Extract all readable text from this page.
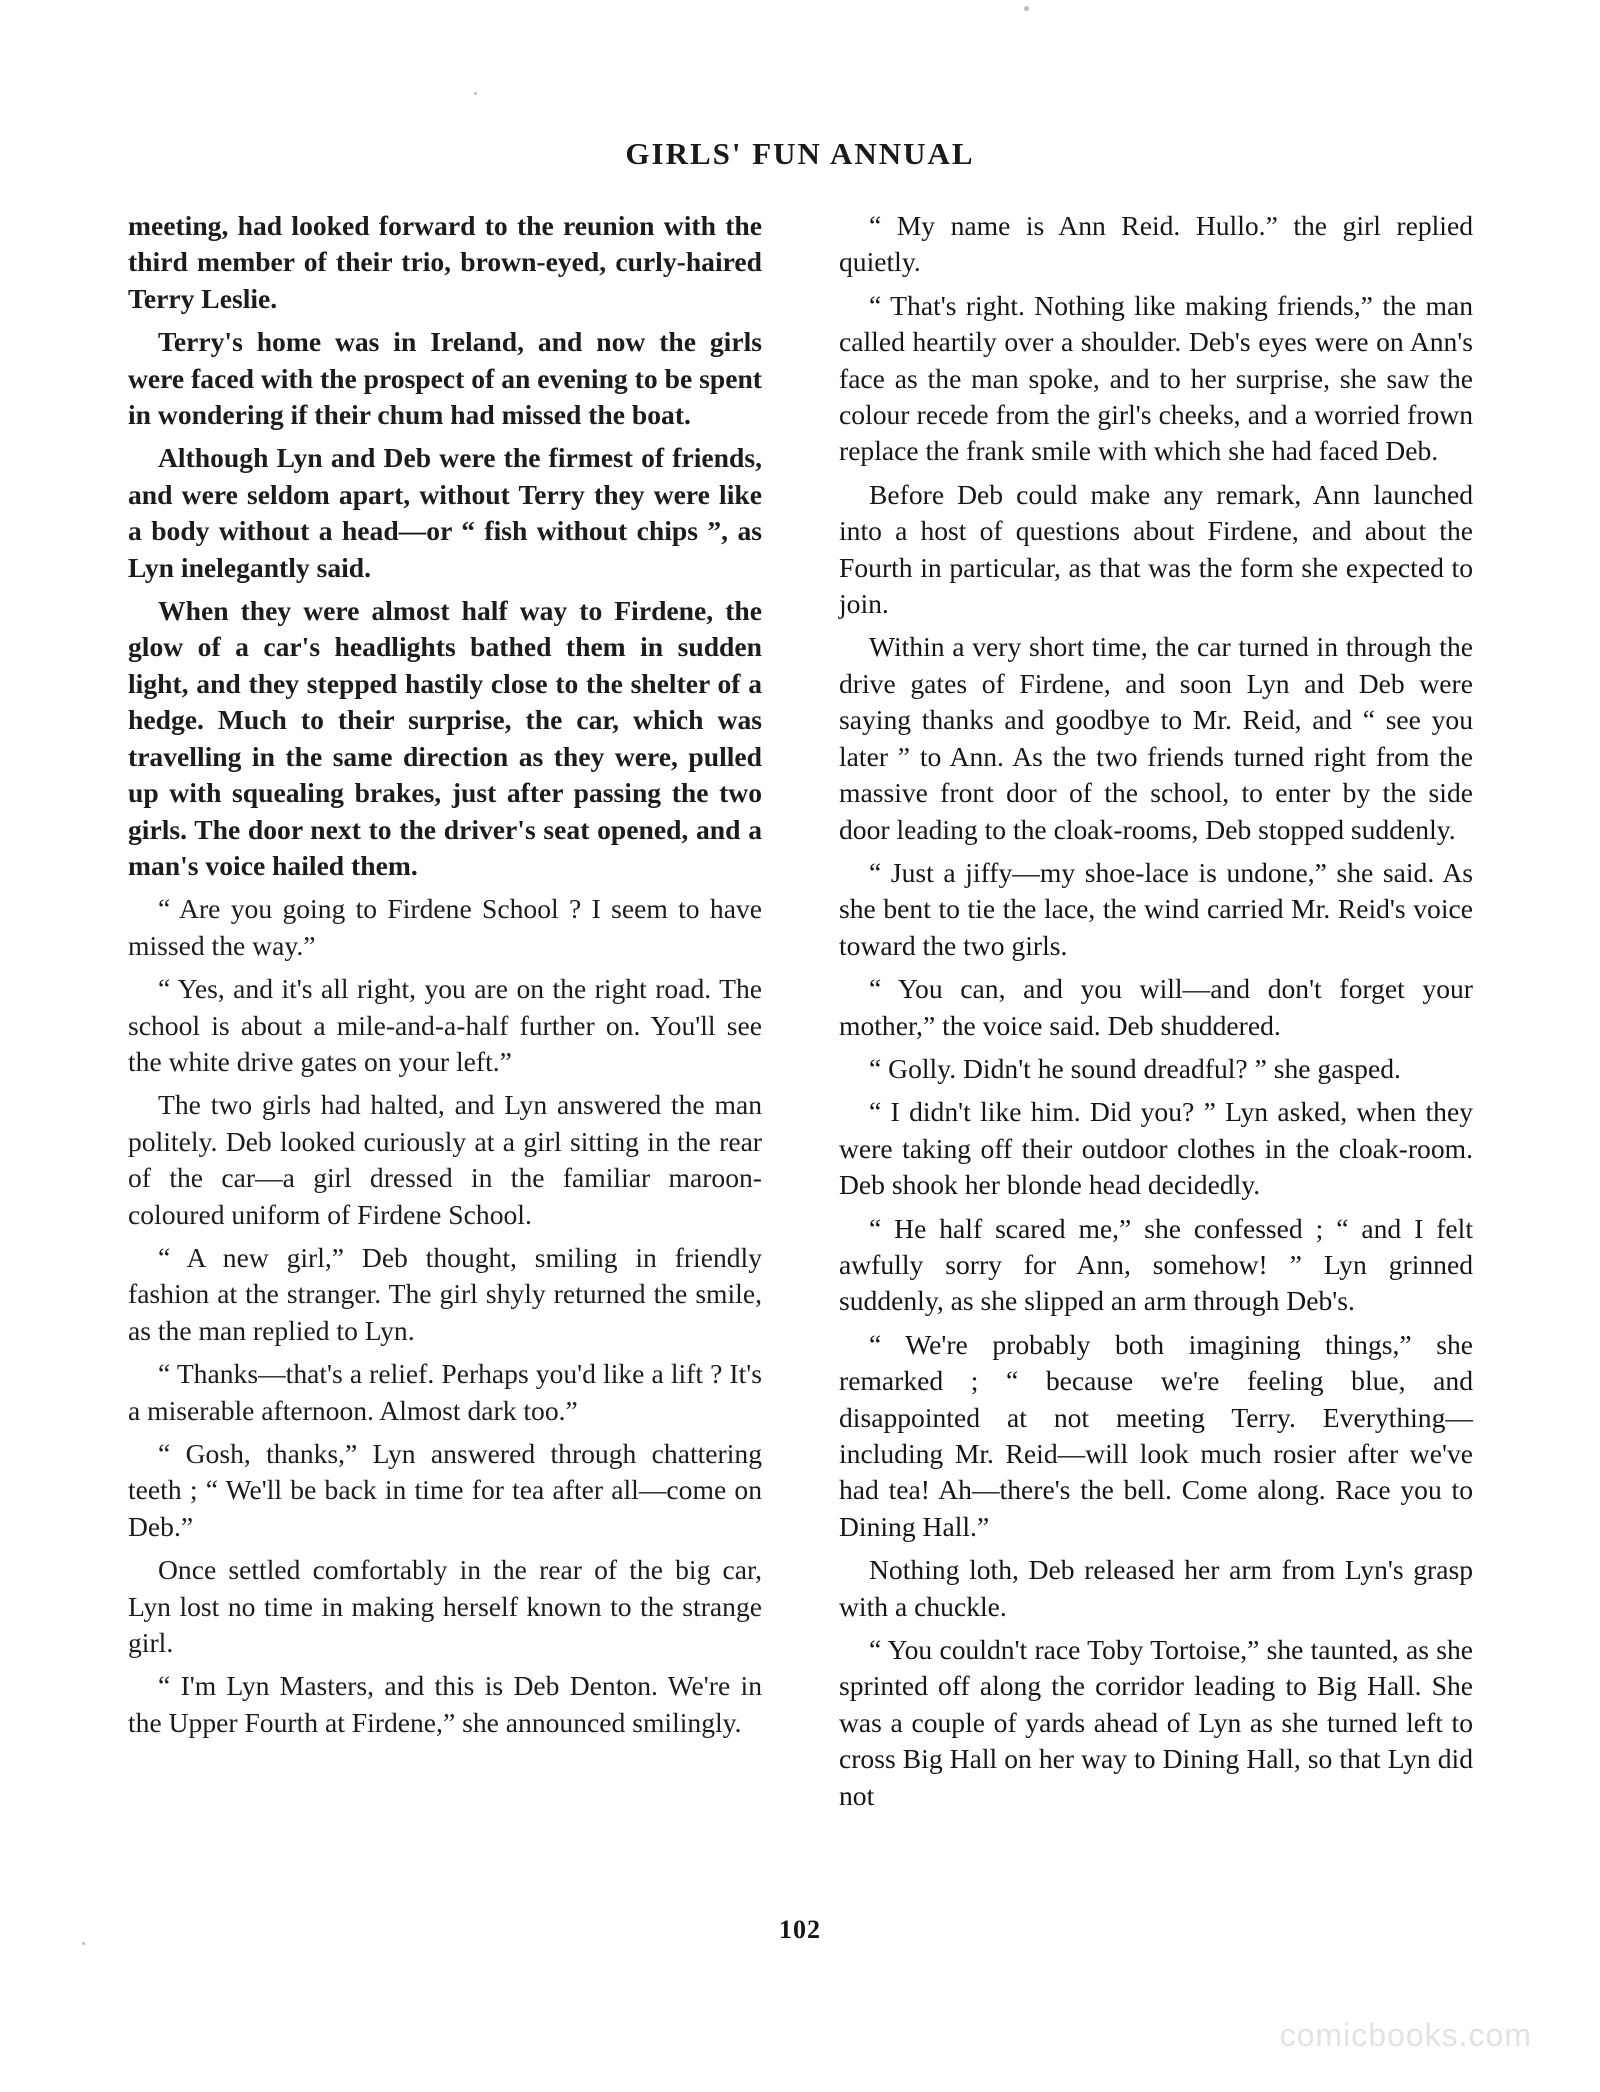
GIRLS' FUN ANNUAL

meeting, had looked forward to the reunion with the third member of their trio, brown-eyed, curly-haired Terry Leslie.

Terry's home was in Ireland, and now the girls were faced with the prospect of an evening to be spent in wondering if their chum had missed the boat.

Although Lyn and Deb were the firmest of friends, and were seldom apart, without Terry they were like a body without a head—or “ fish without chips ”, as Lyn inelegantly said.

When they were almost half way to Firdene, the glow of a car's headlights bathed them in sudden light, and they stepped hastily close to the shelter of a hedge. Much to their surprise, the car, which was travelling in the same direction as they were, pulled up with squealing brakes, just after passing the two girls. The door next to the driver's seat opened, and a man's voice hailed them.

“ Are you going to Firdene School ? I seem to have missed the way.”

“ Yes, and it's all right, you are on the right road. The school is about a mile-and-a-half further on. You'll see the white drive gates on your left.”

The two girls had halted, and Lyn answered the man politely. Deb looked curiously at a girl sitting in the rear of the car—a girl dressed in the familiar maroon-coloured uniform of Firdene School.

“ A new girl,” Deb thought, smiling in friendly fashion at the stranger. The girl shyly returned the smile, as the man replied to Lyn.

“ Thanks—that's a relief. Perhaps you'd like a lift ? It's a miserable afternoon. Almost dark too.”

“ Gosh, thanks,” Lyn answered through chattering teeth ; “ We'll be back in time for tea after all—come on Deb.”

Once settled comfortably in the rear of the big car, Lyn lost no time in making herself known to the strange girl.

“ I'm Lyn Masters, and this is Deb Denton. We're in the Upper Fourth at Firdene,” she announced smilingly.

“ My name is Ann Reid. Hullo.” the girl replied quietly.

“ That's right. Nothing like making friends,” the man called heartily over a shoulder. Deb's eyes were on Ann's face as the man spoke, and to her surprise, she saw the colour recede from the girl's cheeks, and a worried frown replace the frank smile with which she had faced Deb.

Before Deb could make any remark, Ann launched into a host of questions about Firdene, and about the Fourth in particular, as that was the form she expected to join.

Within a very short time, the car turned in through the drive gates of Firdene, and soon Lyn and Deb were saying thanks and goodbye to Mr. Reid, and “ see you later ” to Ann. As the two friends turned right from the massive front door of the school, to enter by the side door leading to the cloak-rooms, Deb stopped suddenly.

“ Just a jiffy—my shoe-lace is undone,” she said. As she bent to tie the lace, the wind carried Mr. Reid's voice toward the two girls.

“ You can, and you will—and don't forget your mother,” the voice said. Deb shuddered.

“ Golly. Didn't he sound dreadful? ” she gasped.

“ I didn't like him. Did you? ” Lyn asked, when they were taking off their outdoor clothes in the cloak-room. Deb shook her blonde head decidedly.

“ He half scared me,” she confessed ; “ and I felt awfully sorry for Ann, somehow! ” Lyn grinned suddenly, as she slipped an arm through Deb's.

“ We're probably both imagining things,” she remarked ; “ because we're feeling blue, and disappointed at not meeting Terry. Everything—including Mr. Reid—will look much rosier after we've had tea! Ah—there's the bell. Come along. Race you to Dining Hall.”

Nothing loth, Deb released her arm from Lyn's grasp with a chuckle.

“ You couldn't race Toby Tortoise,” she taunted, as she sprinted off along the corridor leading to Big Hall. She was a couple of yards ahead of Lyn as she turned left to cross Big Hall on her way to Dining Hall, so that Lyn did not

102
comicbooks.com
